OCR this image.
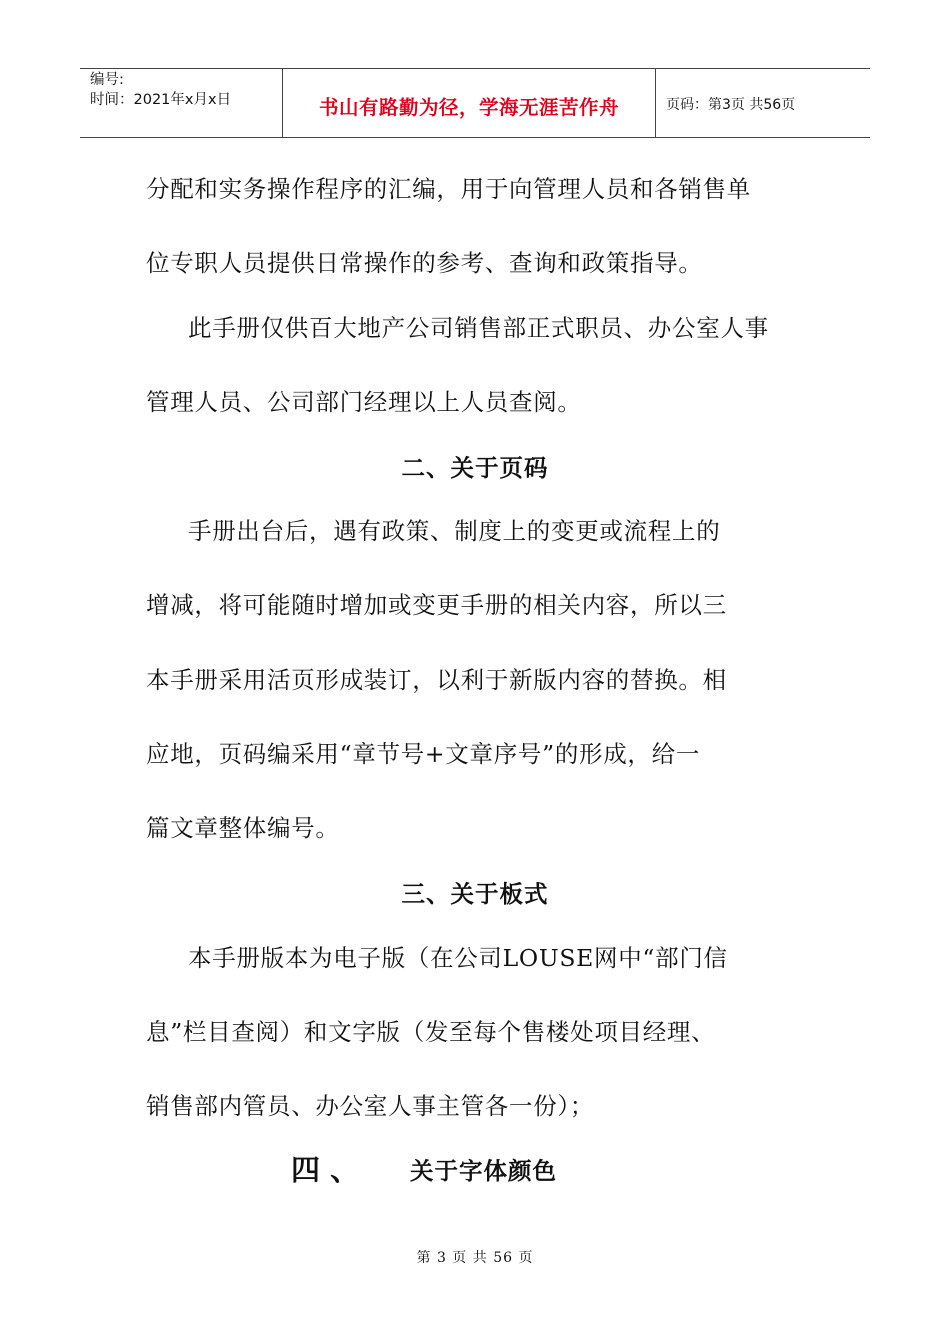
编号:
时间：2021年x月x日	书山有路勤为径，学海无涯苦作舟	页码：第3页 共56页
分配和实务操作程序的汇编，用于向管理人员和各销售单
位专职人员提供日常操作的参考、查询和政策指导。
此手册仅供百大地产公司销售部正式职员、办公室人事
管理人员、公司部门经理以上人员查阅。
二、关于页码
手册出台后，遇有政策、制度上的变更或流程上的
增减，将可能随时增加或变更手册的相关内容，所以三
本手册采用活页形成装订，以利于新版内容的替换。相
应地，页码编采用“章节号+文章序号”的形成，给一
篇文章整体编号。
三、关于板式
本手册版本为电子版（在公司LOUSE网中“部门信
息”栏目查阅）和文字版（发至每个售楼处项目经理、
销售部内管员、办公室人事主管各一份）；
四 、 关于字体颜色
第 3 页 共 56 页
